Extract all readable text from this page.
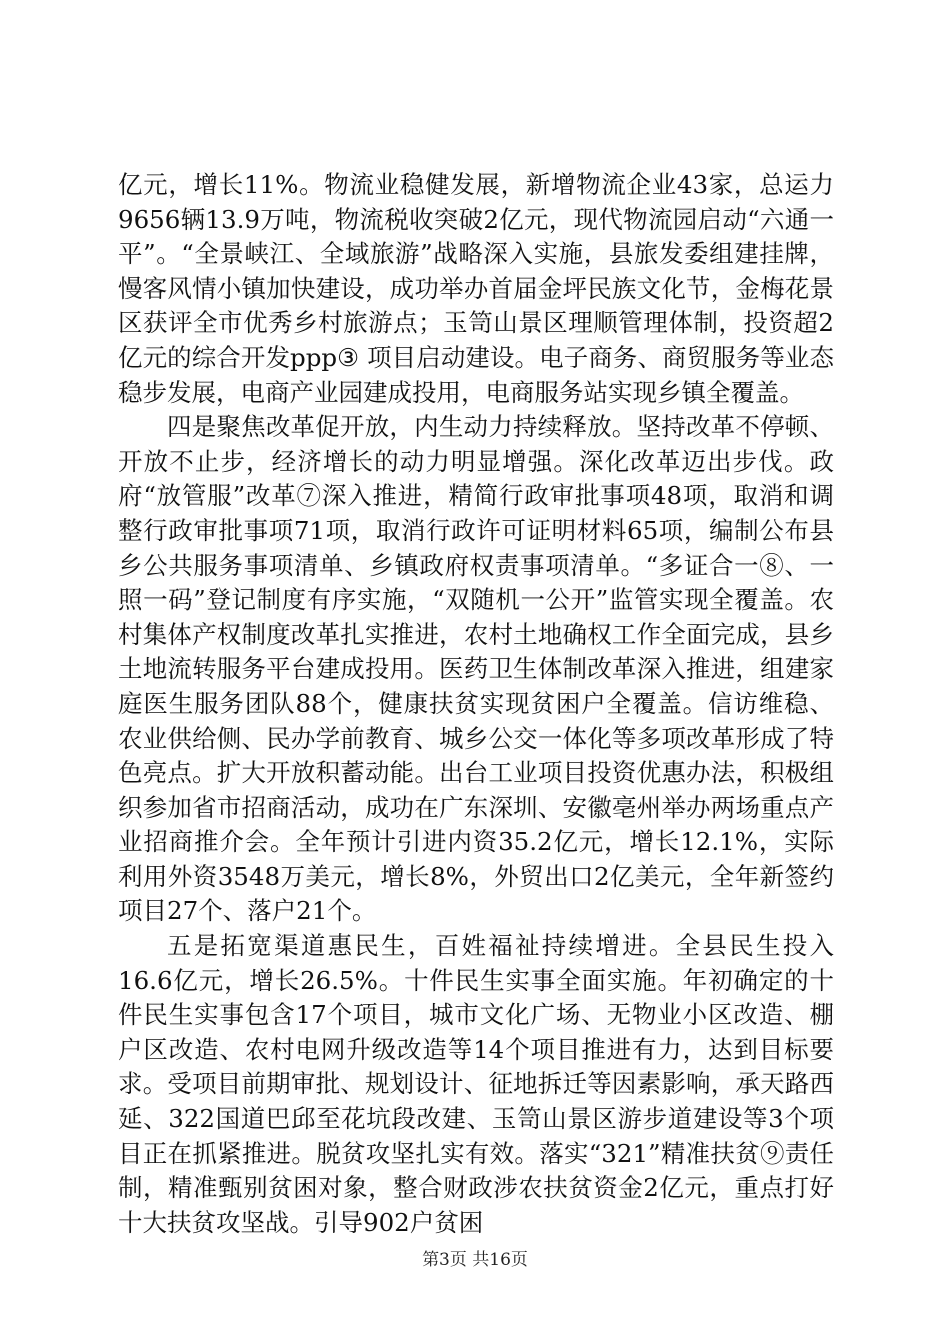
亿元，增长11%。物流业稳健发展，新增物流企业43家，总运力9656辆13.9万吨，物流税收突破2亿元，现代物流园启动“六通一平”。“全景峡江、全域旅游”战略深入实施，县旅发委组建挂牌，慢客风情小镇加快建设，成功举办首届金坪民族文化节，金梅花景区获评全市优秀乡村旅游点；玉笥山景区理顺管理体制，投资超2亿元的综合开发ppp③ 项目启动建设。电子商务、商贸服务等业态稳步发展，电商产业园建成投用，电商服务站实现乡镇全覆盖。

四是聚焦改革促开放，内生动力持续释放。坚持改革不停顿、开放不止步，经济增长的动力明显增强。深化改革迈出步伐。政府“放管服”改革⑦深入推进，精简行政审批事项48项，取消和调整行政审批事项71项，取消行政许可证明材料65项，编制公布县乡公共服务事项清单、乡镇政府权责事项清单。“多证合一⑧、一照一码”登记制度有序实施，“双随机一公开”监管实现全覆盖。农村集体产权制度改革扎实推进，农村土地确权工作全面完成，县乡土地流转服务平台建成投用。医药卫生体制改革深入推进，组建家庭医生服务团队88个，健康扶贫实现贫困户全覆盖。信访维稳、农业供给侧、民办学前教育、城乡公交一体化等多项改革形成了特色亮点。扩大开放积蓄动能。出台工业项目投资优惠办法，积极组织参加省市招商活动，成功在广东深圳、安徽亳州举办两场重点产业招商推介会。全年预计引进内资35.2亿元，增长12.1%，实际利用外资3548万美元，增长8%，外贸出口2亿美元，全年新签约项目27个、落户21个。

五是拓宽渠道惠民生，百姓福祉持续增进。全县民生投入16.6亿元，增长26.5%。十件民生实事全面实施。年初确定的十件民生实事包含17个项目，城市文化广场、无物业小区改造、棚户区改造、农村电网升级改造等14个项目推进有力，达到目标要求。受项目前期审批、规划设计、征地拆迁等因素影响，承天路西延、322国道巴邱至花坑段改建、玉笥山景区游步道建设等3个项目正在抓紧推进。脱贫攻坚扎实有效。落实“321”精准扶贫⑨责任制，精准甄别贫困对象，整合财政涉农扶贫资金2亿元，重点打好十大扶贫攻坚战。引导902户贫困

第3页 共16页
